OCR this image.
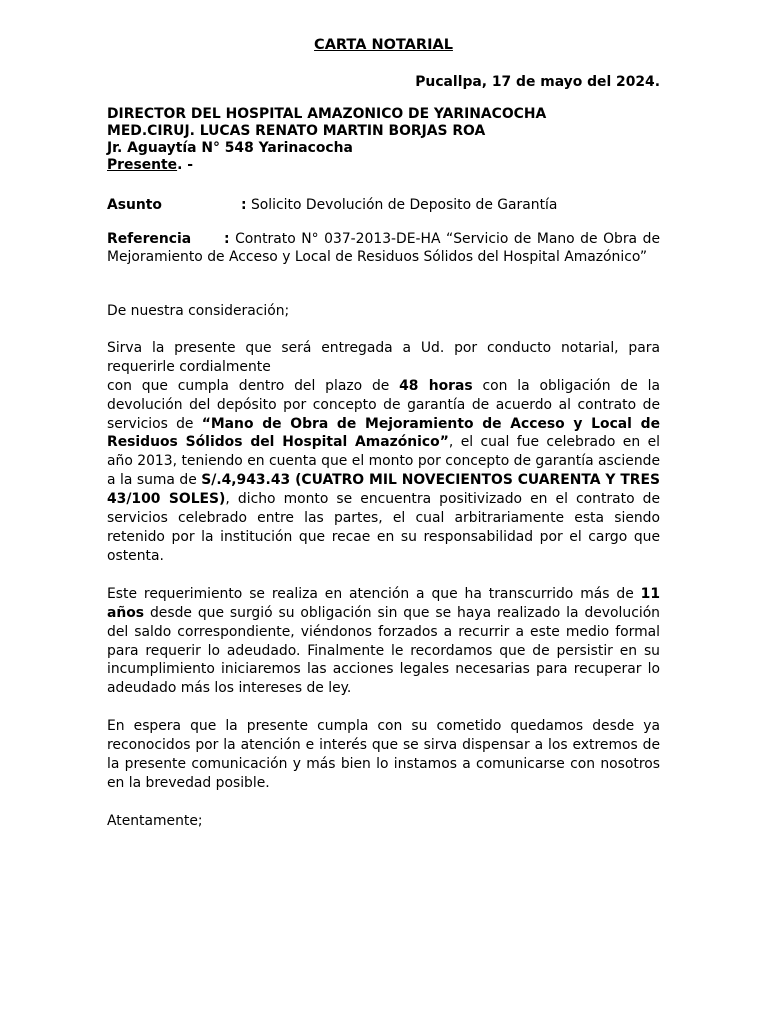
CARTA NOTARIAL
Pucallpa, 17 de mayo del 2024.
DIRECTOR DEL HOSPITAL AMAZONICO DE YARINACOCHA
MED.CIRUJ. LUCAS RENATO MARTIN BORJAS ROA
Jr. Aguaytía N° 548 Yarinacocha
Presente. -
Asunto	: Solicito Devolución de Deposito de Garantía
Referencia : Contrato N° 037-2013-DE-HA “Servicio de Mano de Obra de Mejoramiento de Acceso y Local de Residuos Sólidos del Hospital Amazónico”

De nuestra consideración;

Sirva la presente que será entregada a Ud. por conducto notarial, para

requerirle cordialmente

con que cumpla dentro del plazo de 48 horas con la obligación de la devolución del depósito por concepto de garantía de acuerdo al contrato de servicios de “Mano de Obra de Mejoramiento de Acceso y Local de Residuos Sólidos del Hospital Amazónico”, el cual fue celebrado en el año 2013, teniendo en cuenta que el monto por concepto de garantía asciende a la suma de S/.4,943.43 (CUATRO MIL NOVECIENTOS CUARENTA Y TRES 43/100 SOLES), dicho monto se encuentra positivizado en el contrato de servicios celebrado entre las partes, el cual arbitrariamente esta siendo retenido por la institución que recae en su responsabilidad por el cargo que ostenta.

Este requerimiento se realiza en atención a que ha transcurrido más de 11 años desde que surgió su obligación sin que se haya realizado la devolución del saldo correspondiente, viéndonos forzados a recurrir a este medio formal para requerir lo adeudado. Finalmente le recordamos que de persistir en su incumplimiento iniciaremos las acciones legales necesarias para recuperar lo adeudado más los intereses de ley.

En espera que la presente cumpla con su cometido quedamos desde ya reconocidos por la atención e interés que se sirva dispensar a los extremos de la presente comunicación y más bien lo instamos a comunicarse con nosotros en la brevedad posible.

Atentamente;
